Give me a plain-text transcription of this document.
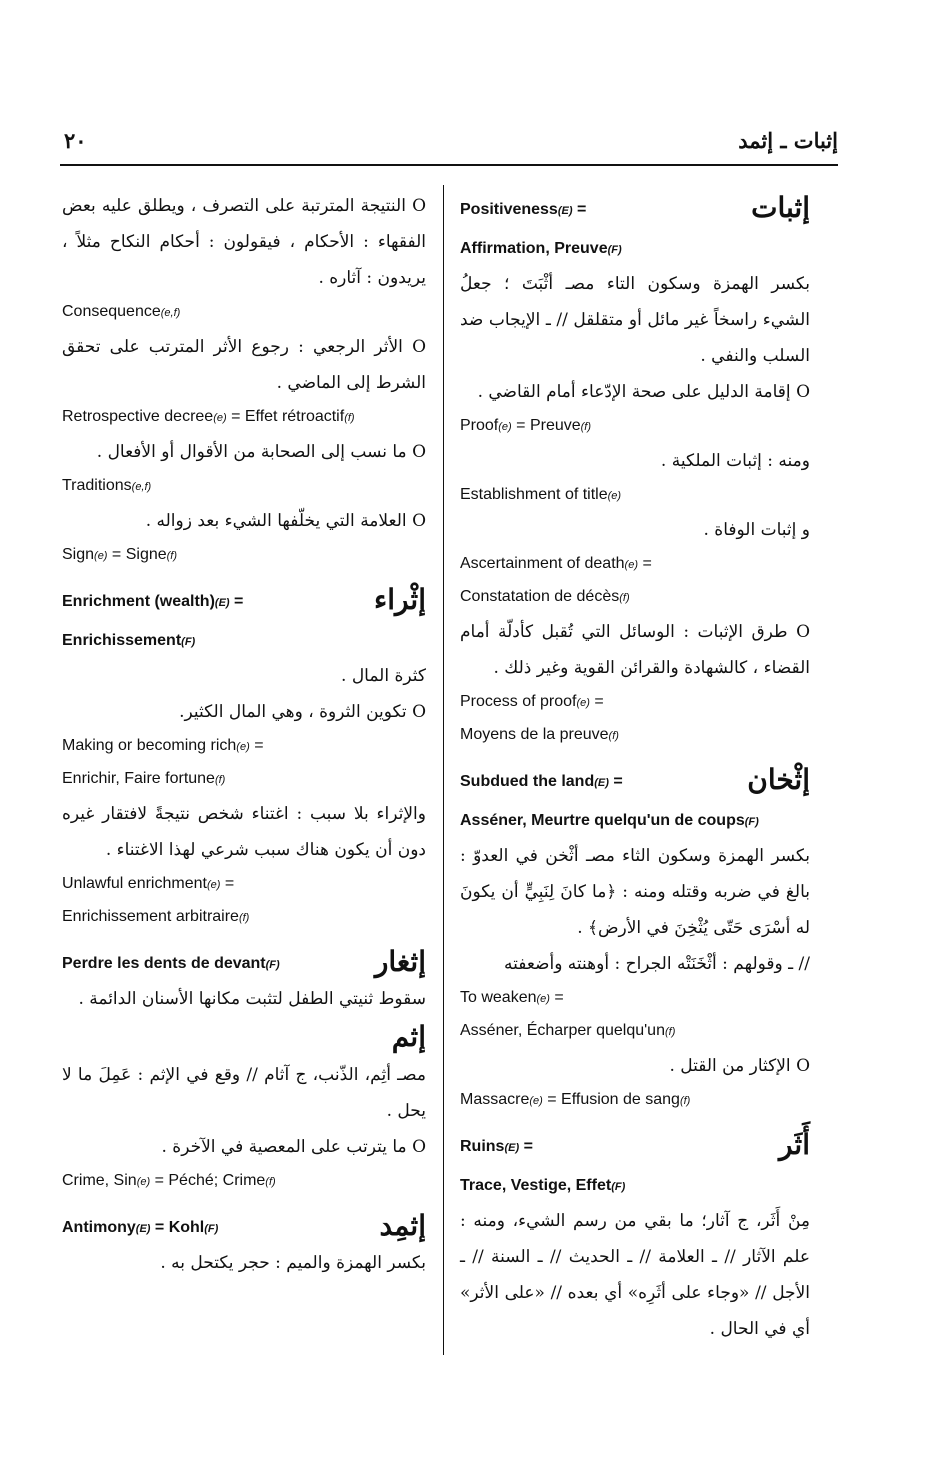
إثبات ـ إثمد
٢٠
إثبات
Positiveness(E) =
Affirmation, Preuve(F)
بكسر الهمزة وسكون التاء مصـ أثْبَتَ ؛ جعلُ الشيء راسخاً غير مائل أو متقلقل // ـ الإيجاب ضد السلب والنفي .
O إقامة الدليل على صحة الإدّعاء أمام القاضي .
Proof(e) = Preuve(f)
ومنه : إثبات الملكية .
Establishment of title(e)
و إثبات الوفاة .
Ascertainment of death(e) =
Constatation de décès(f)
O طرق الإثبات : الوسائل التي تُقبل كأدلّة أمام القضاء ، كالشهادة والقرائن القوية وغير ذلك .
Process of proof(e) =
Moyens de la preuve(f)
إثْخان
Subdued the land(E) =
Asséner, Meurtre quelqu'un de coups(F)
بكسر الهمزة وسكون الثاء مصـ أثْخن في العدوّ : بالغ في ضربه وقتله ومنه : ﴿ما كانَ لِنَبِيٍّ أن يكونَ له أسْرَى حَتّى يُثْخِنَ في الأرض﴾ .
// ـ وقولهم : أثْخَنَتْه الجراح : أوهنته وأضعفته
To weaken(e) =
Asséner, Écharper quelqu'un(f)
O الإكثار من القتل .
Massacre(e) = Effusion de sang(f)
أَثَر
Ruins(E) =
Trace, Vestige, Effet(F)
مِنْ أَثَر، ج آثار؛ ما بقي من رسم الشيء، ومنه : علم الآثار // ـ العلامة // ـ الحديث // ـ السنة // ـ الأجل // «وجاء على أثَرِه» أي بعده // «على الأثر» أي في الحال .
O النتيجة المترتبة على التصرف ، ويطلق عليه بعض الفقهاء : الأحكام ، فيقولون : أحكام النكاح مثلاً ، يريدون : آثاره .
Consequence(e,f)
O الأثر الرجعي : رجوع الأثر المترتب على تحقق الشرط إلى الماضي .
Retrospective decree(e) = Effet rétroactif(f)
O ما نسب إلى الصحابة من الأقوال أو الأفعال .
Traditions(e,f)
O العلامة التي يخلّفها الشيء بعد زواله .
Sign(e) = Signe(f)
إثْراء
Enrichment (wealth)(E) =
Enrichissement(F)
كثرة المال .
O تكوين الثروة ، وهي المال الكثير.
Making or becoming rich(e) =
Enrichir, Faire fortune(f)
والإثراء بلا سبب : اغتناء شخص نتيجةً لافتقار غيره دون أن يكون هناك سبب شرعي لهذا الاغتناء .
Unlawful enrichment(e) =
Enrichissement arbitraire(f)
إثغار
Perdre les dents de devant(F)
سقوط ثنيتي الطفل لتثبت مكانها الأسنان الدائمة .
إثم
مصـ أثِم، الذّنب، ج آثام // وقع في الإثم : عَمِلَ ما لا يحل .
O ما يترتب على المعصية في الآخرة .
Crime, Sin(e) = Péché; Crime(f)
إثمِد
Antimony(E) = Kohl(F)
بكسر الهمزة والميم : حجر يكتحل به .
